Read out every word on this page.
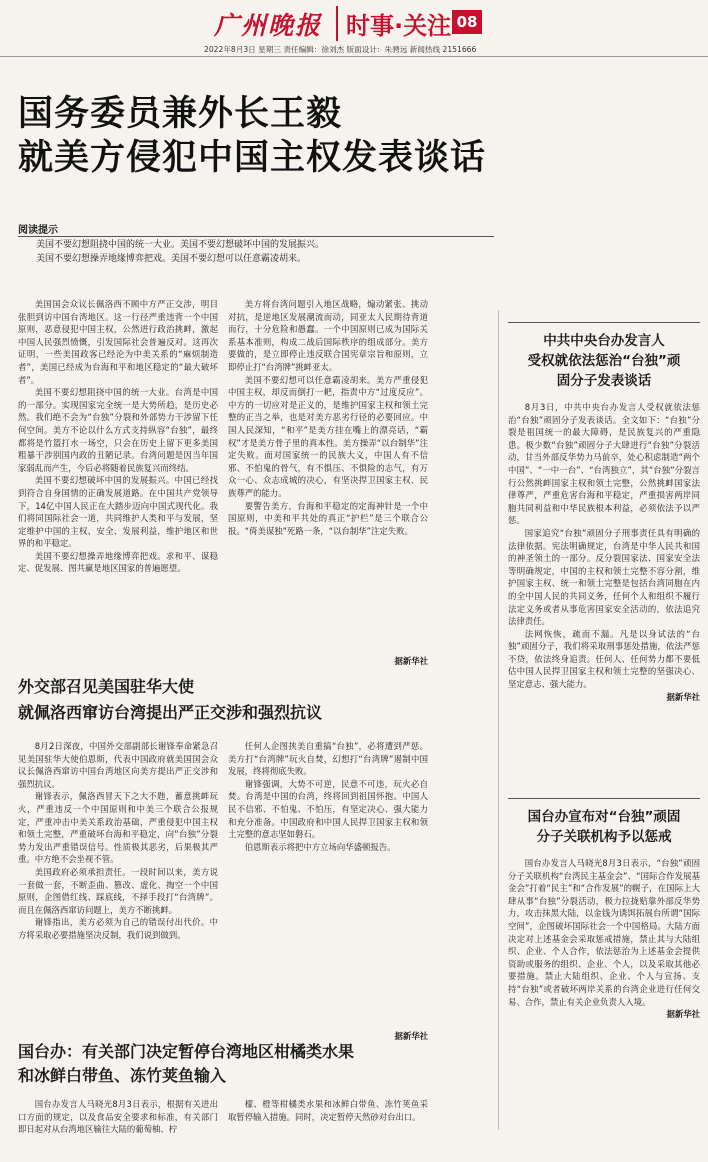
广州晚报 时事·关注 08
2022年8月3日 星期三 责任编辑：徐刘杰 版面设计：朱骋远 新闻热线 2151666
国务委员兼外长王毅
就美方侵犯中国主权发表谈话
阅读提示

美国不要幻想阻挠中国的统一大业。美国不要幻想破坏中国的发展振兴。

美国不要幻想操弄地缘博弈把戏。美国不要幻想可以任意霸凌胡来。

美国国会众议长佩洛西不顾中方严正交涉，明目张胆到访中国台湾地区。这一行径严重违背一个中国原则，恶意侵犯中国主权，公然进行政治挑衅，激起中国人民强烈愤慨，引发国际社会普遍反对。这再次证明，一些美国政客已经沦为中美关系的“麻烦制造者”，美国已经成为台海和平和地区稳定的“最大破坏者”。

美国不要幻想阻挠中国的统一大业。台湾是中国的一部分。实现国家完全统一是大势所趋，是历史必然。我们绝不会为“台独”分裂和外部势力干涉留下任何空间。美方不论以什么方式支持纵容“台独”，最终都将是竹篮打水一场空，只会在历史上留下更多美国粗暴干涉别国内政的丑陋记录。台湾问题是因当年国家弱乱而产生，今后必将随着民族复兴而终结。

美国不要幻想破坏中国的发展振兴。中国已经找到符合自身国情的正确发展道路。在中国共产党领导下，14亿中国人民正在大踏步迈向中国式现代化。我们将同国际社会一道，共同维护人类和平与发展，坚定维护中国的主权、安全、发展利益，维护地区和世界的和平稳定。

美国不要幻想操弄地缘博弈把戏。求和平、谋稳定、促发展、图共赢是地区国家的普遍愿望。

美方将台湾问题引入地区战略，煽动紧张、挑动对抗，是逆地区发展潮流而动，同亚太人民期待背道而行，十分危险和愚蠢。一个中国原则已成为国际关系基本准则，构成二战后国际秩序的组成部分。美方要做的，是立即停止违反联合国宪章宗旨和原则，立即停止打“台湾牌”挑衅亚太。

美国不要幻想可以任意霸凌胡来。美方严重侵犯中国主权，却反而倒打一耙，指责中方“过度反应”。中方的一切应对是正义的，是维护国家主权和领土完整的正当之举，也是对美方恶劣行径的必要回应。中国人民深知，“和平”是美方挂在嘴上的漂亮话，“霸权”才是美方骨子里的真本性。美方操弄“以台制华”注定失败。面对国家统一的民族大义，中国人有不信邪、不怕鬼的骨气，有不惧压、不惧险的志气，有万众一心、众志成城的决心，有坚决捍卫国家主权、民族尊严的能力。

要警告美方，台海和平稳定的定海神针是一个中国原则，中美和平共处的真正“护栏”是三个联合公报。“倚美谋独”死路一条，“以台制华”注定失败。

据新华社
外交部召见美国驻华大使
就佩洛西窜访台湾提出严正交涉和强烈抗议

8月2日深夜，中国外交部副部长谢锋奉命紧急召见美国驻华大使伯恩斯，代表中国政府就美国国会众议长佩洛西窜访中国台湾地区向美方提出严正交涉和强烈抗议。

谢锋表示，佩洛西冒天下之大不韪，蓄意挑衅玩火，严重违反一个中国原则和中美三个联合公报规定，严重冲击中美关系政治基础，严重侵犯中国主权和领土完整，严重破坏台海和平稳定，向“台独”分裂势力发出严重错误信号。性质极其恶劣，后果极其严重。中方绝不会坐视不管。

美国政府必须承担责任。一段时间以来，美方说一套做一套，不断歪曲、篡改、虚化、掏空一个中国原则，企图借红线、踩底线，不择手段打“台湾牌”。而且在佩洛西窜访问题上，美方不断挑衅。

谢锋指出，美方必须为自己的错误付出代价。中方将采取必要措施坚决反制，我们说到做到。

任何人企图挟美自重搞“台独”，必将遭到严惩。美方打“台湾牌”玩火自焚，幻想打“台湾牌”遏制中国发展，终将彻底失败。

谢锋强调，大势不可逆，民意不可违，玩火必自焚。台湾是中国的台湾，终将回到祖国怀抱。中国人民不信邪、不怕鬼、不怕压，有坚定决心、强大能力和充分准备。中国政府和中国人民捍卫国家主权和领土完整的意志坚如磐石。

伯恩斯表示将把中方立场向华盛顿报告。

据新华社
国台办：有关部门决定暂停台湾地区柑橘类水果
和冰鲜白带鱼、冻竹荚鱼输入

国台办发言人马晓光8月3日表示，根据有关进出口方面的规定，以及食品安全要求和标准，有关部门即日起对从台湾地区输往大陆的葡萄柚、柠

檬、橙等柑橘类水果和冰鲜白带鱼、冻竹荚鱼采取暂停输入措施。同时，决定暂停天然砂对台出口。

中共中央台办发言人
受权就依法惩治“台独”顽
固分子发表谈话

8月3日，中共中央台办发言人受权就依法惩治“台独”顽固分子发表谈话。全文如下：“台独”分裂是祖国统一的最大障碍，是民族复兴的严重隐患。极少数“台独”顽固分子大肆进行“台独”分裂活动，甘当外部反华势力马前卒，处心积虑制造“两个中国”、“一中一台”、“台湾独立”，其“台独”分裂言行公然挑衅国家主权和领土完整，公然挑衅国家法律尊严，严重危害台海和平稳定，严重损害两岸同胞共同利益和中华民族根本利益，必须依法予以严惩。

国家追究“台独”顽固分子刑事责任具有明确的法律依据。宪法明确规定，台湾是中华人民共和国的神圣领土的一部分。反分裂国家法、国家安全法等明确规定，中国的主权和领土完整不容分割，维护国家主权、统一和领土完整是包括台湾同胞在内的全中国人民的共同义务，任何个人和组织不履行法定义务或者从事危害国家安全活动的，依法追究法律责任。

法网恢恢，疏而不漏。凡是以身试法的“台独”顽固分子，我们将采取刑事惩处措施，依法严惩不贷，依法终身追责。任何人、任何势力都不要低估中国人民捍卫国家主权和领土完整的坚强决心、坚定意志、强大能力。

据新华社
国台办宣布对“台独”顽固
分子关联机构予以惩戒

国台办发言人马晓光8月3日表示，“台独”顽固分子关联机构“台湾民主基金会”、“国际合作发展基金会”打着“民主”和“合作发展”的幌子，在国际上大肆从事“台独”分裂活动，极力拉拢贴靠外部反华势力，攻击抹黑大陆，以金钱为诱饵拓展台所谓“国际空间”，企图破坏国际社会一个中国格局。大陆方面决定对上述基金会采取惩戒措施，禁止其与大陆组织、企业、个人合作，依法惩治为上述基金会提供资助或服务的组织、企业、个人，以及采取其他必要措施。禁止大陆组织、企业、个人与宣扬、支持“台独”或者破坏两岸关系的台湾企业进行任何交易、合作，禁止有关企业负责人入境。

据新华社
